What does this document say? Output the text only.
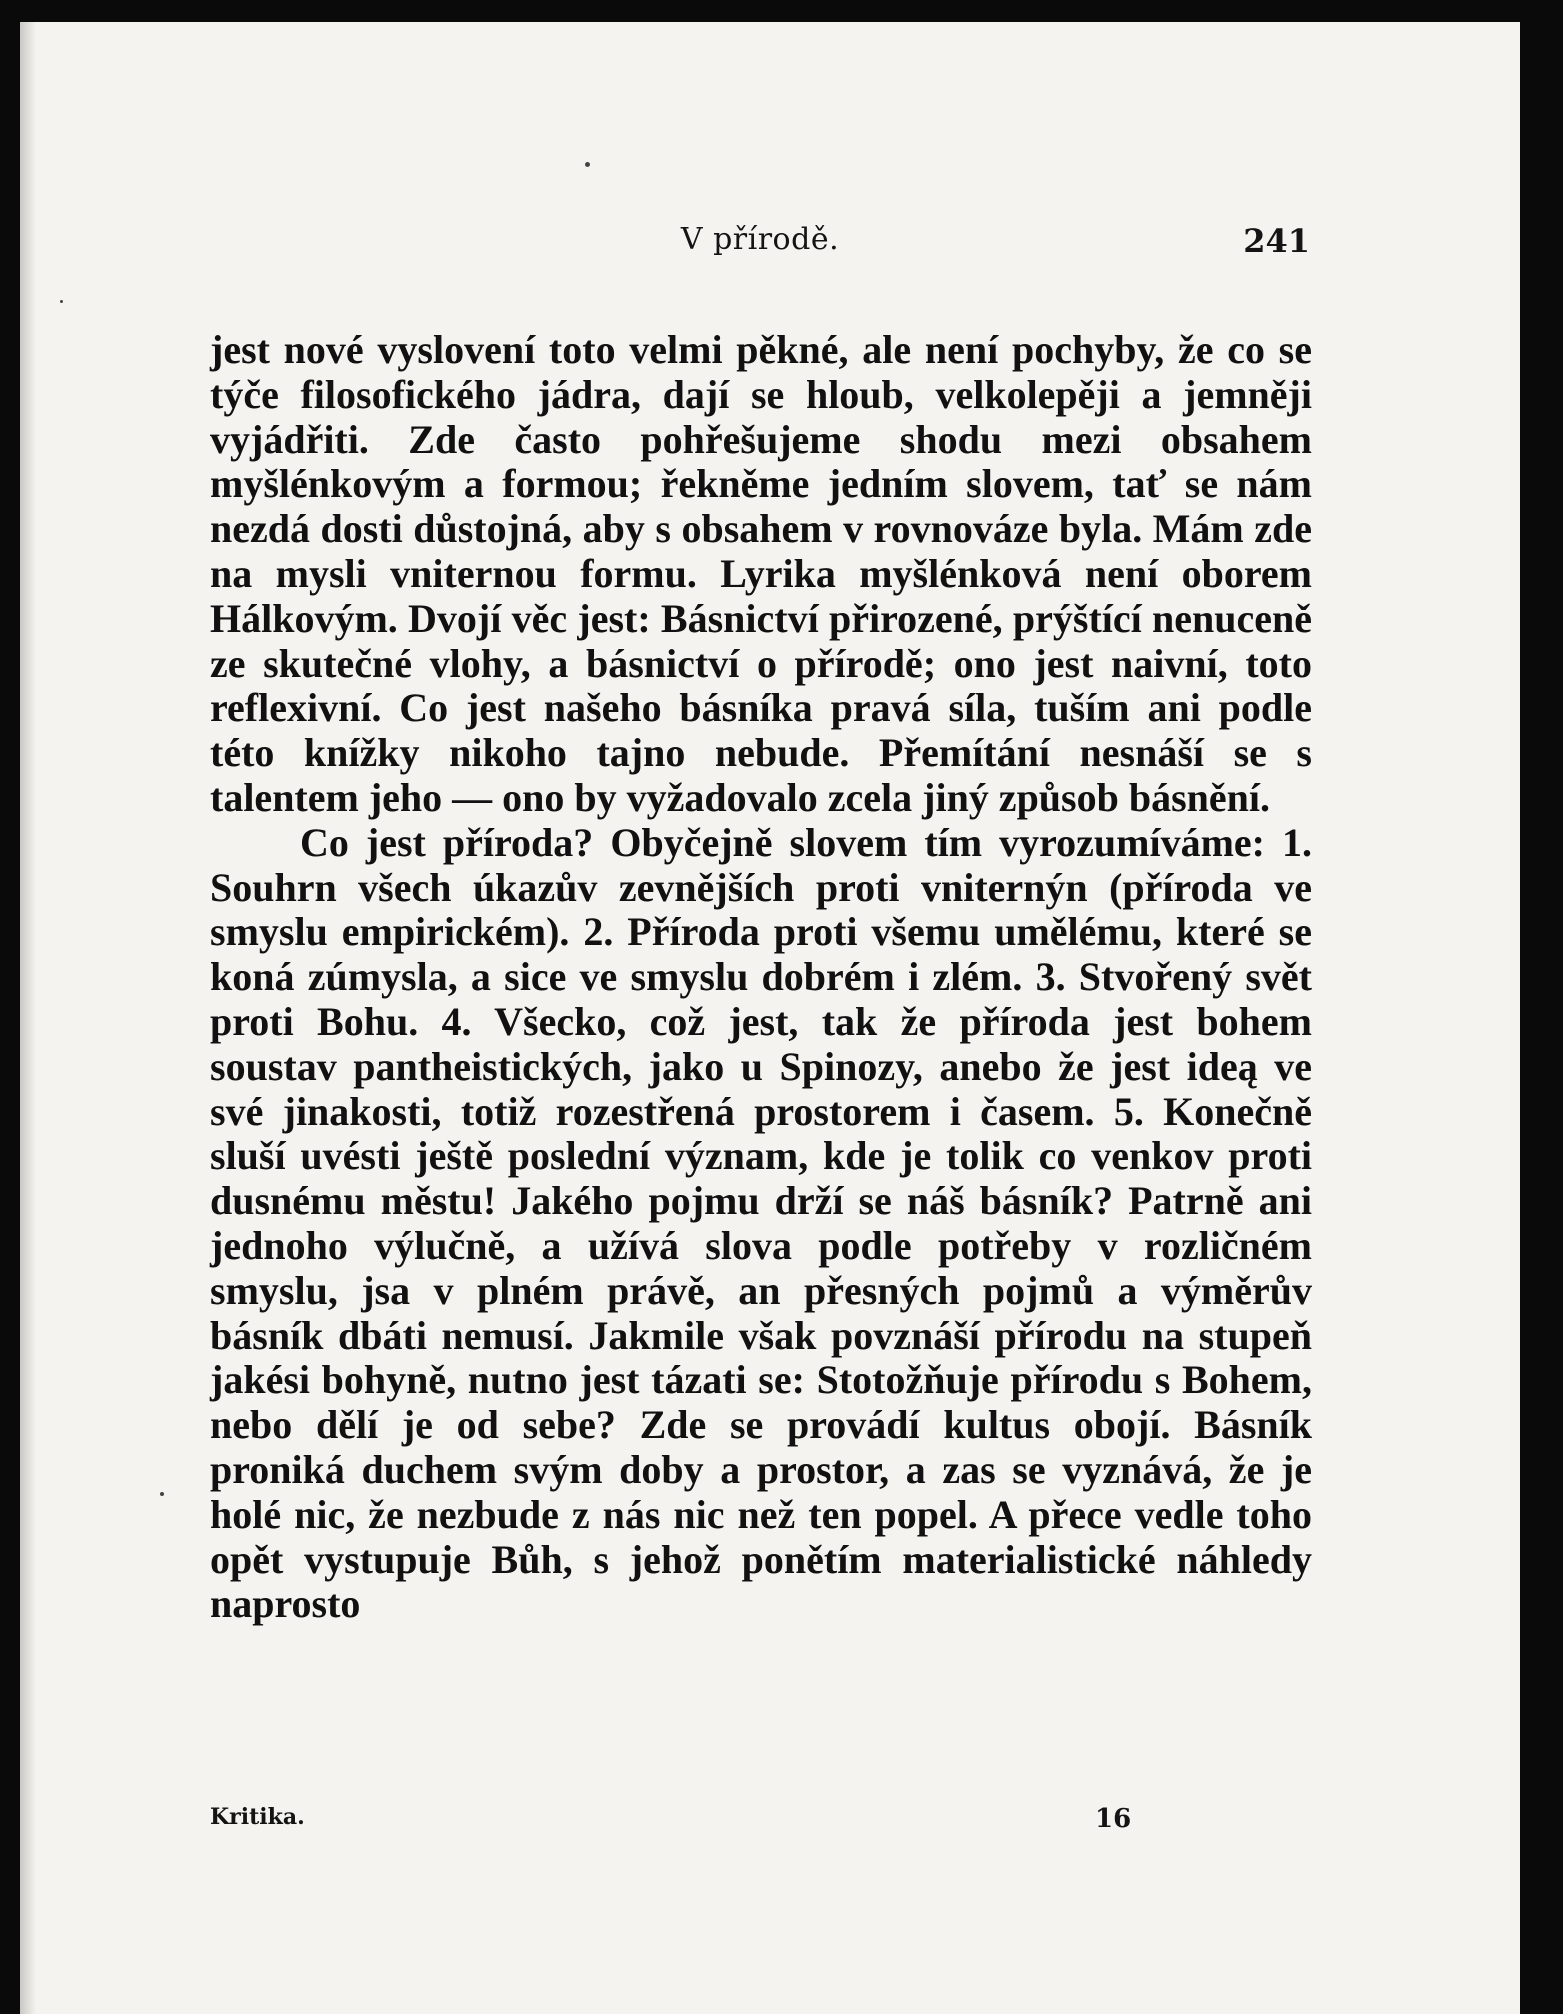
V přírodě.	241

jest nové vyslovení toto velmi pěkné, ale není pochyby, že co se týče filosofického jádra, dají se hloub, velkolepěji a jemněji vyjádřiti. Zde často pohřešujeme shodu mezi obsahem myšlénkovým a formou; řekněme jedním slovem, tať se nám nezdá dosti důstojná, aby s obsahem v rovnováze byla. Mám zde na mysli vniternou formu. Lyrika myšlénková není oborem Hálkovým. Dvojí věc jest: Básnictví přirozené, prýštící nenuceně ze skutečné vlohy, a básnictví o přírodě; ono jest naivní, toto reflexivní. Co jest našeho básníka pravá síla, tuším ani podle této knížky nikoho tajno nebude. Přemítání nesnáší se s talentem jeho — ono by vyžadovalo zcela jiný způsob básnění.

Co jest příroda? Obyčejně slovem tím vyrozumíváme: 1. Souhrn všech úkazův zevnějších proti vniternýn (příroda ve smyslu empirickém). 2. Příroda proti všemu umělému, které se koná zúmysla, a sice ve smyslu dobrém i zlém. 3. Stvořený svět proti Bohu. 4. Všecko, což jest, tak že příroda jest bohem soustav pantheistických, jako u Spinozy, anebo že jest ideą ve své jinakosti, totiž rozestřená prostorem i časem. 5. Konečně sluší uvésti ještě poslední význam, kde je tolik co venkov proti dusnému městu! Jakého pojmu drží se náš básník? Patrně ani jednoho výlučně, a užívá slova podle potřeby v rozličném smyslu, jsa v plném právě, an přesných pojmů a výměrův básník dbáti nemusí. Jakmile však povznáší přírodu na stupeň jakési bohyně, nutno jest tázati se: Stotožňuje přírodu s Bohem, nebo dělí je od sebe? Zde se provádí kultus obojí. Básník proniká duchem svým doby a prostor, a zas se vyznává, že je holé nic, že nezbude z nás nic než ten popel. A přece vedle toho opět vystupuje Bůh, s jehož ponětím materialistické náhledy naprosto

Kritika.	16
